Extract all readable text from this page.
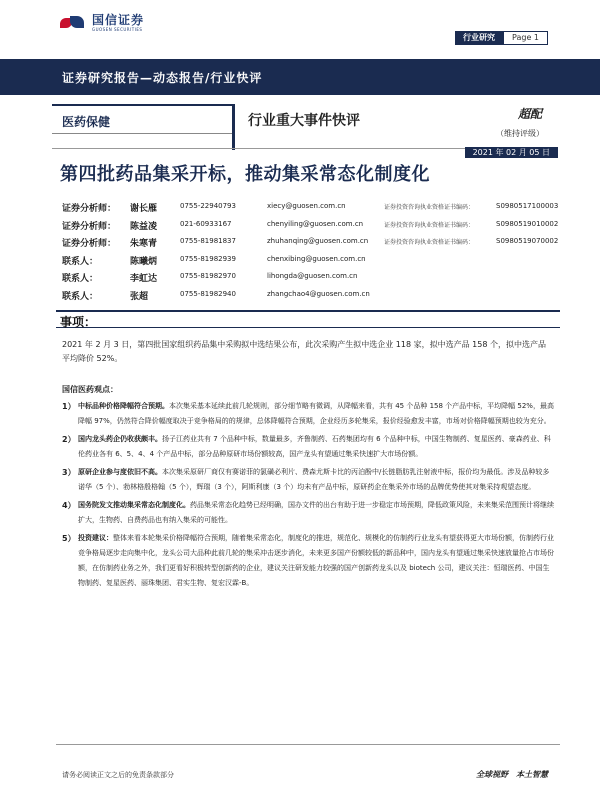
国信证券
GUOSEN SECURITIES
行业研究	Page 1
证券研究报告—动态报告/行业快评
医药保健	行业重大事件快评	超配
（维持评级）
2021 年 02 月 05 日
第四批药品集采开标，推动集采常态化制度化
证券分析师： 谢长雁	0755-22940793	xiecy@guosen.com.cn	证券投资咨询执业资格证书编码：	S0980517100003
证券分析师： 陈益凌	021-60933167	chenyiling@guosen.com.cn	证券投资咨询执业资格证书编码：	S0980519010002
证券分析师： 朱寒青	0755-81981837	zhuhanqing@guosen.com.cn	证券投资咨询执业资格证书编码：	S0980519070002
联系人：	陈曦炳	0755-81982939	chenxibing@guosen.com.cn
联系人：	李虹达	0755-81982970	lihongda@guosen.com.cn
联系人：	张超	0755-81982940	zhangchao4@guosen.com.cn
事项：

2021 年 2 月 3 日，第四批国家组织药品集中采购拟中选结果公布，此次采购产生拟中选企业 118 家，拟中选产品 158 个，拟中选产品平均降价 52%。

国信医药观点：

1） 中标品种价格降幅符合预期。本次集采基本延续此前几轮规则，部分细节略有微调，从降幅来看，共有 45 个品种 158 个产品中标，平均降幅 52%，最高降幅 97%，仍然符合降价幅度取决于竞争格局的的规律，总体降幅符合预期，企业经历多轮集采，报价经验愈发丰富，市场对价格降幅预期也较为充分。

2） 国内龙头药企仍收获颇丰。扬子江药业共有 7 个品种中标，数量最多，齐鲁制药、石药集团均有 6 个品种中标，中国生物制药、复星医药、豪森药业、科伦药业各有 6、5、4、4 个产品中标，部分品种原研市场份额较高，国产龙头有望通过集采快速扩大市场份额。

3） 原研企业参与度依旧不高。本次集采原研厂商仅有赛诺菲的氯磺必利片、费森尤斯卡比的丙泊酚中/长链脂肪乳注射液中标，报价均为最低。涉及品种较多诺华（5 个）、勃林格殷格翰（5 个），辉瑞（3 个），阿斯利康（3 个）均未有产品中标，原研药企在集采外市场的品牌优势使其对集采持观望态度。

4） 国务院发文推动集采常态化制度化。药品集采常态化趋势已经明确，国办文件的出台有助于进一步稳定市场预期，降低政策风险，未来集采范围预计将继续扩大，生物药、自费药品也有纳入集采的可能性。

5） 投资建议：整体来看本轮集采价格降幅符合预期，随着集采常态化，制度化的推进，规范化、规模化的仿制药行业龙头有望获得更大市场份额，仿制药行业竞争格局逐步走向集中化，龙头公司大品种此前几轮的集采冲击逐步消化，未来更多国产份额较低的新品种中，国内龙头有望通过集采快速放量抢占市场份额，在仿制药业务之外，我们更看好积极转型创新药的企业，建议关注研发能力较强的国产创新药龙头以及 biotech 公司，建议关注：恒瑞医药、中国生物制药、复星医药、丽珠集团、君实生物、复宏汉霖-B。

请务必阅读正文之后的免责条款部分	全球视野　本土智慧
